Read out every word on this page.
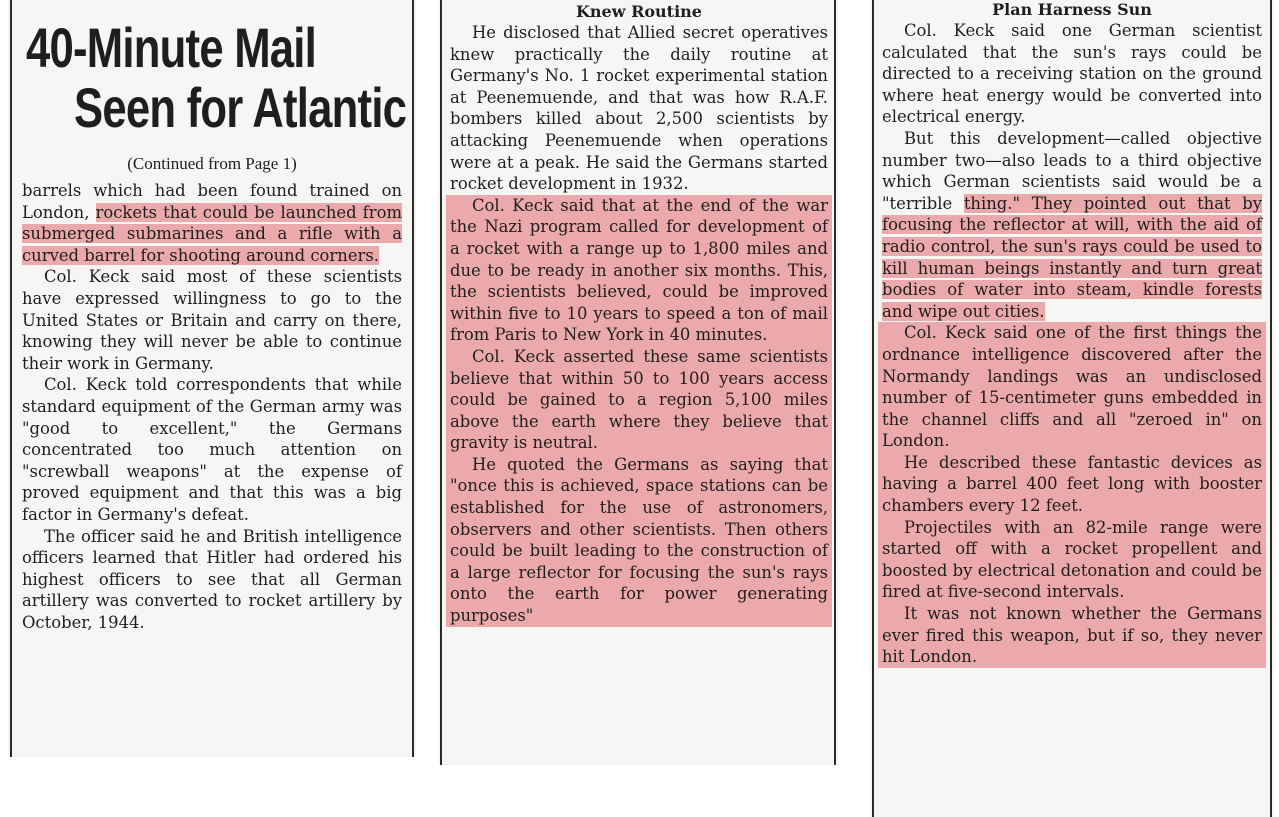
40-Minute Mail
Seen for Atlantic
(Continued from Page 1)

barrels which had been found trained on London, rockets that could be launched from submerged submarines and a rifle with a curved barrel for shooting around corners.

Col. Keck said most of these scientists have expressed willingness to go to the United States or Britain and carry on there, knowing they will never be able to continue their work in Germany.

Col. Keck told correspondents that while standard equipment of the German army was "good to excellent," the Germans concentrated too much attention on "screwball weapons" at the expense of proved equipment and that this was a big factor in Germany's defeat.

The officer said he and British intelligence officers learned that Hitler had ordered his highest officers to see that all German artillery was converted to rocket artillery by October, 1944.

Knew Routine

He disclosed that Allied secret operatives knew practically the daily routine at Germany's No. 1 rocket experimental station at Peenemuende, and that was how R.A.F. bombers killed about 2,500 scientists by attacking Peenemuende when operations were at a peak. He said the Germans started rocket development in 1932.

Col. Keck said that at the end of the war the Nazi program called for development of a rocket with a range up to 1,800 miles and due to be ready in another six months. This, the scientists believed, could be improved within five to 10 years to speed a ton of mail from Paris to New York in 40 minutes.

Col. Keck asserted these same scientists believe that within 50 to 100 years access could be gained to a region 5,100 miles above the earth where they believe that gravity is neutral.

He quoted the Germans as saying that "once this is achieved, space stations can be established for the use of astronomers, observers and other scientists. Then others could be built leading to the construction of a large reflector for focusing the sun's rays onto the earth for power generating purposes"

Plan Harness Sun

Col. Keck said one German scientist calculated that the sun's rays could be directed to a receiving station on the ground where heat energy would be converted into electrical energy.

But this development—called objective number two—also leads to a third objective which German scientists said would be a "terrible thing." They pointed out that by focusing the reflector at will, with the aid of radio control, the sun's rays could be used to kill human beings instantly and turn great bodies of water into steam, kindle forests and wipe out cities.

Col. Keck said one of the first things the ordnance intelligence discovered after the Normandy landings was an undisclosed number of 15-centimeter guns embedded in the channel cliffs and all "zeroed in" on London.

He described these fantastic devices as having a barrel 400 feet long with booster chambers every 12 feet.

Projectiles with an 82-mile range were started off with a rocket propellent and boosted by electrical detonation and could be fired at five-second intervals.

It was not known whether the Germans ever fired this weapon, but if so, they never hit London.
